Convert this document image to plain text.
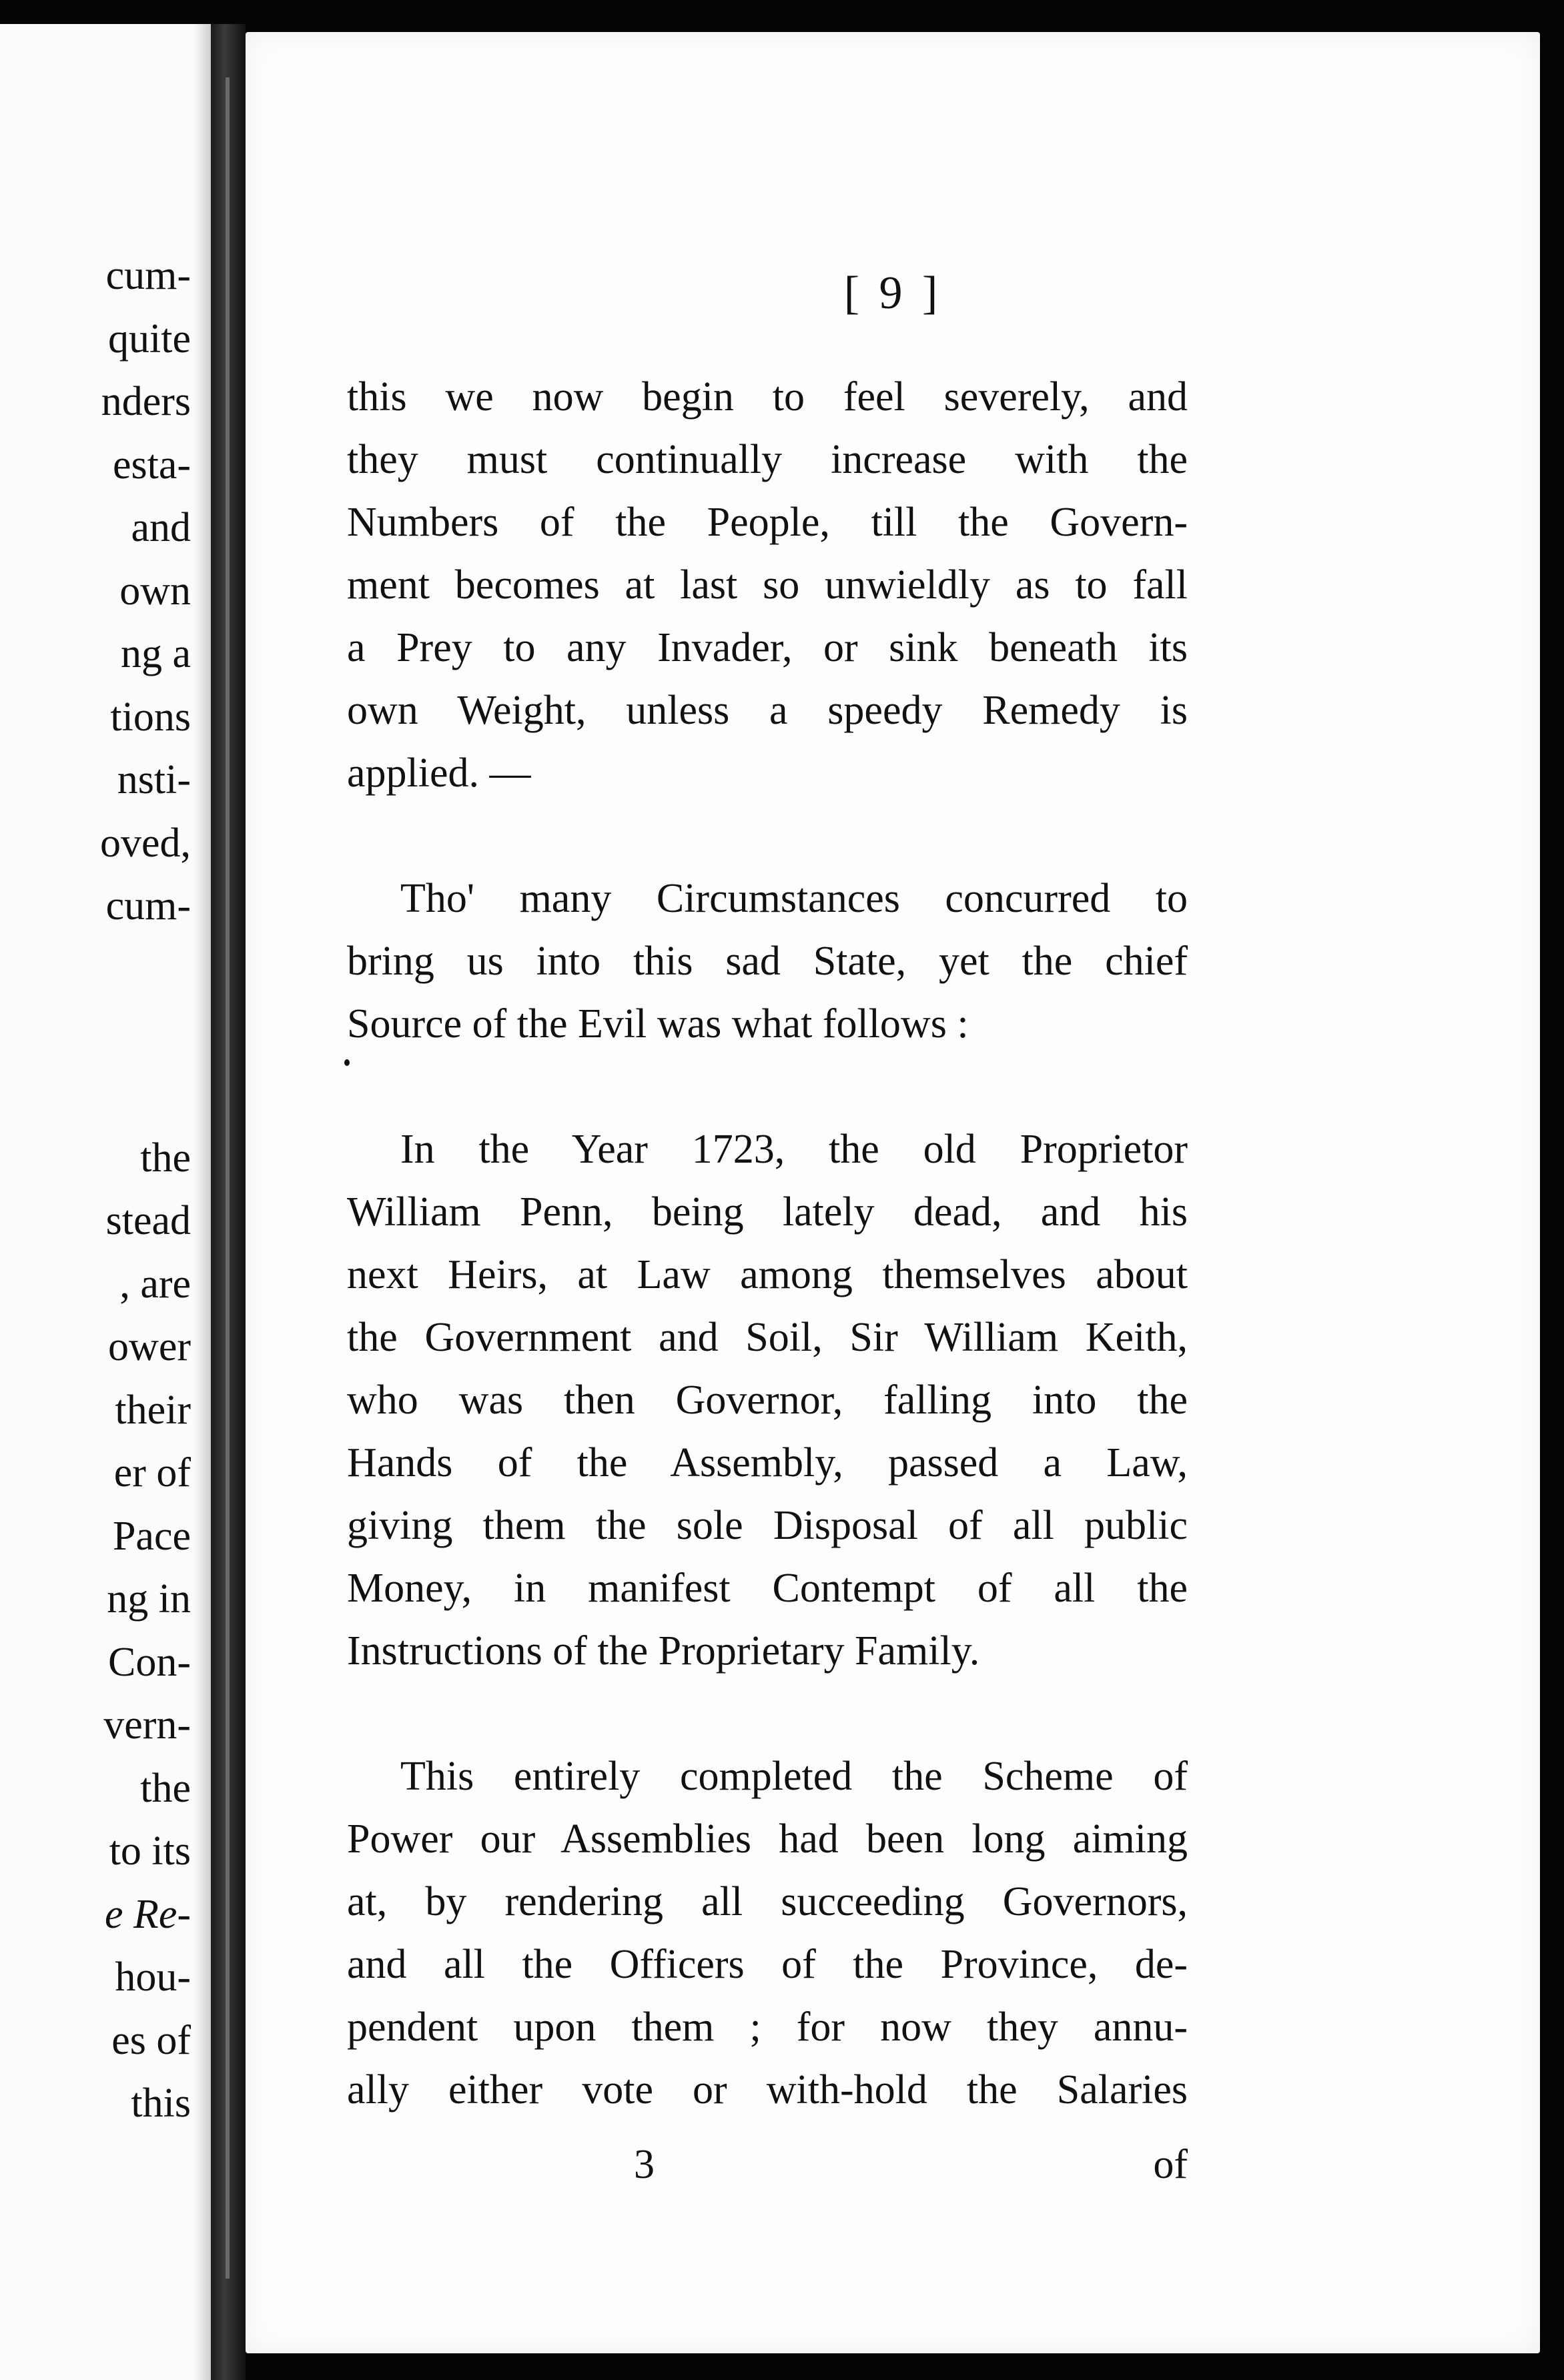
cum-
quite
nders
esta-
and
own
ng a
tions
nsti-
oved,
cum-
the
stead
, are
ower
their
er of
Pace
ng in
Con-
vern-
the
to its
e Re-
hou-
es of
this
[ 9 ]

this we now begin to feel severely, and
they must continually increase with the
Numbers of the People, till the Govern-
ment becomes at last so unwieldly as to fall
a Prey to any Invader, or sink beneath its
own Weight, unless a speedy Remedy is
applied. —

Tho' many Circumstances concurred to
bring us into this sad State, yet the chief
Source of the Evil was what follows :

In the Year 1723, the old Proprietor
William Penn, being lately dead, and his
next Heirs, at Law among themselves about
the Government and Soil, Sir William Keith,
who was then Governor, falling into the
Hands of the Assembly, passed a Law,
giving them the sole Disposal of all public
Money, in manifest Contempt of all the
Instructions of the Proprietary Family.

This entirely completed the Scheme of
Power our Assemblies had been long aiming
at, by rendering all succeeding Governors,
and all the Officers of the Province, de-
pendent upon them ; for now they annu-
ally either vote or with-hold the Salaries

3	of
